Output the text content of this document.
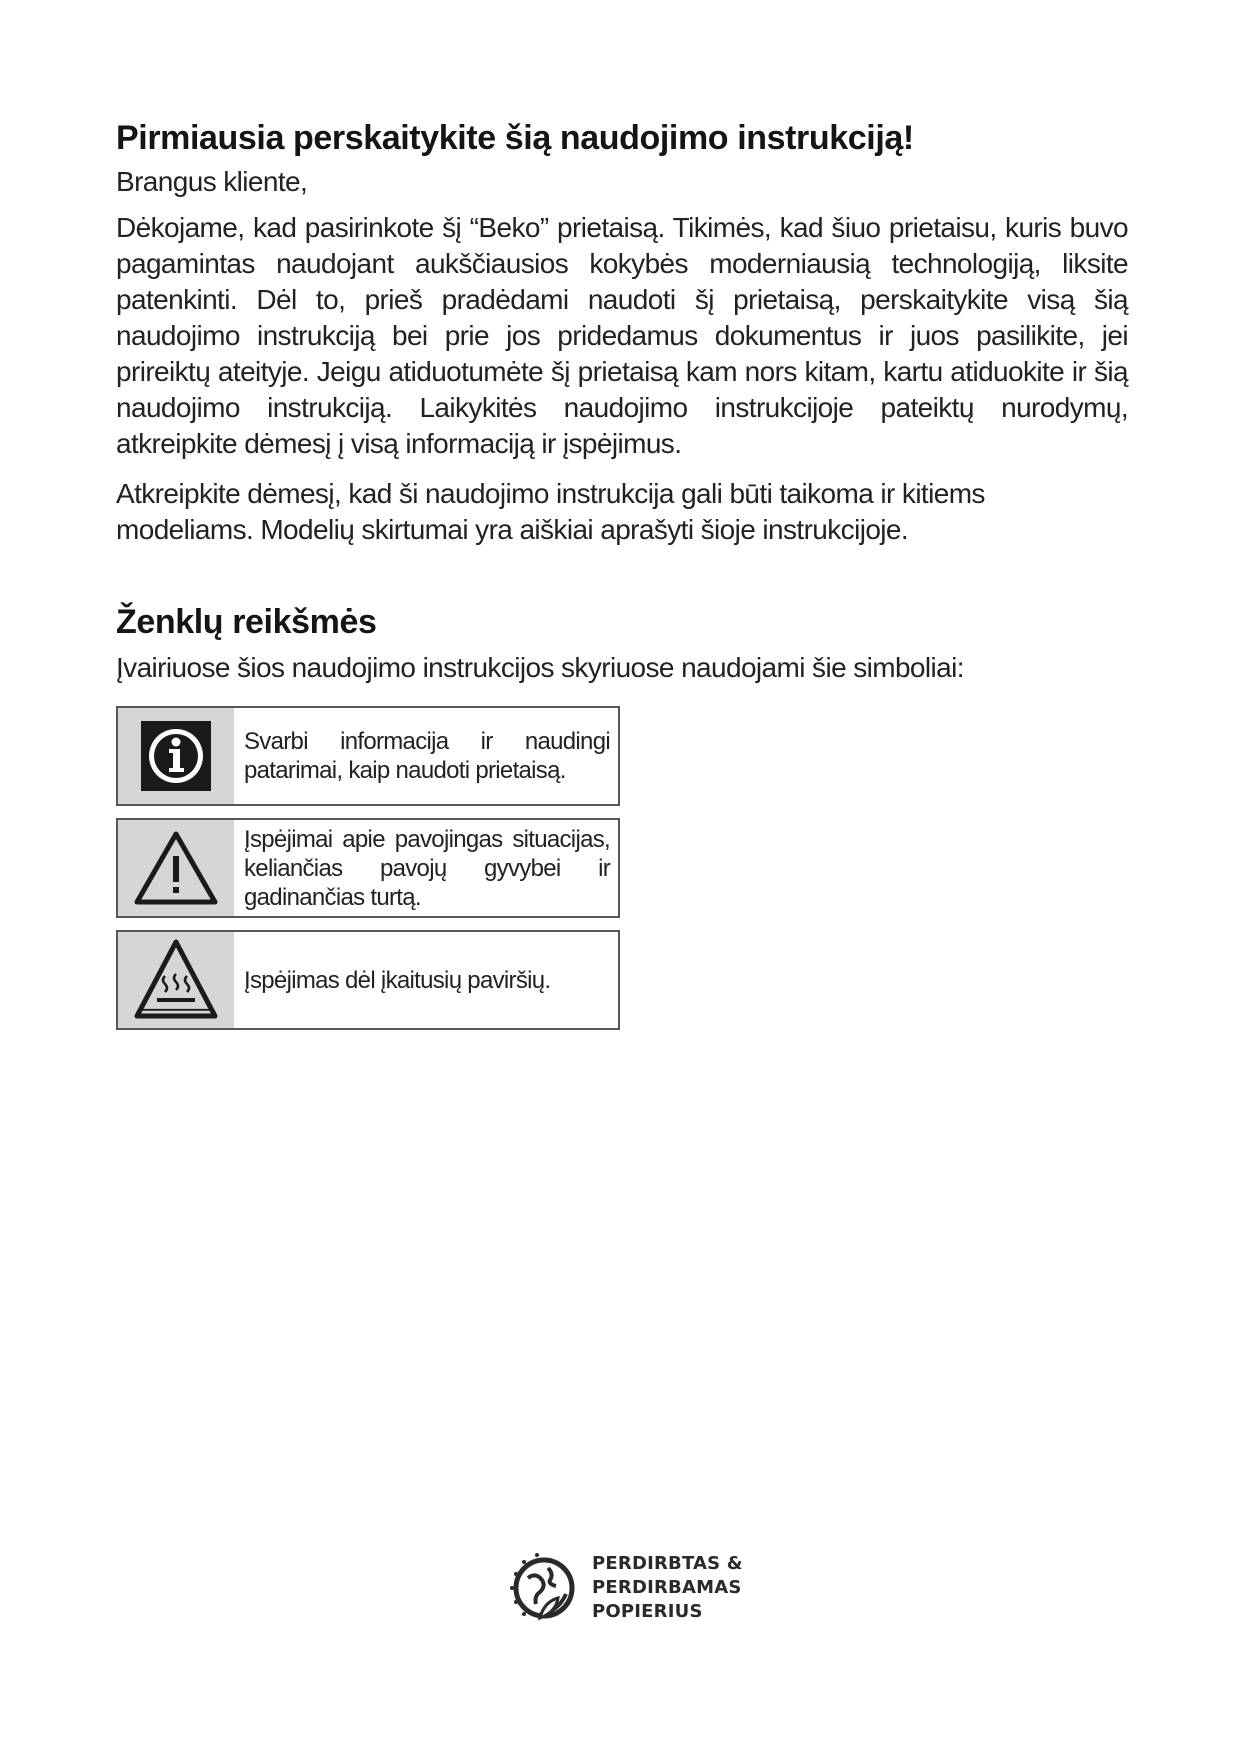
Pirmiausia perskaitykite šią naudojimo instrukciją!

Brangus kliente,

Dėkojame, kad pasirinkote šį “Beko” prietaisą. Tikimės, kad šiuo prietaisu, kuris buvo pagamintas naudojant aukščiausios kokybės moderniausią technologiją, liksite patenkinti. Dėl to, prieš pradėdami naudoti šį prietaisą, perskaitykite visą šią naudojimo instrukciją bei prie jos pridedamus dokumentus ir juos pasilikite, jei prireiktų ateityje. Jeigu atiduotumėte šį prietaisą kam nors kitam, kartu atiduokite ir šią naudojimo instrukciją. Laikykitės naudojimo instrukcijoje pateiktų nurodymų, atkreipkite dėmesį į visą informaciją ir įspėjimus.

Atkreipkite dėmesį, kad ši naudojimo instrukcija gali būti taikoma ir kitiems modeliams. Modelių skirtumai yra aiškiai aprašyti šioje instrukcijoje.

Ženklų reikšmės

Įvairiuose šios naudojimo instrukcijos skyriuose naudojami šie simboliai:

Svarbi informacija ir naudingi patarimai, kaip naudoti prietaisą.
Įspėjimai apie pavojingas situacijas, keliančias pavojų gyvybei ir gadinančias turtą.
Įspėjimas dėl įkaitusių paviršių.
PERDIRBTAS &
PERDIRBAMAS
POPIERIUS
